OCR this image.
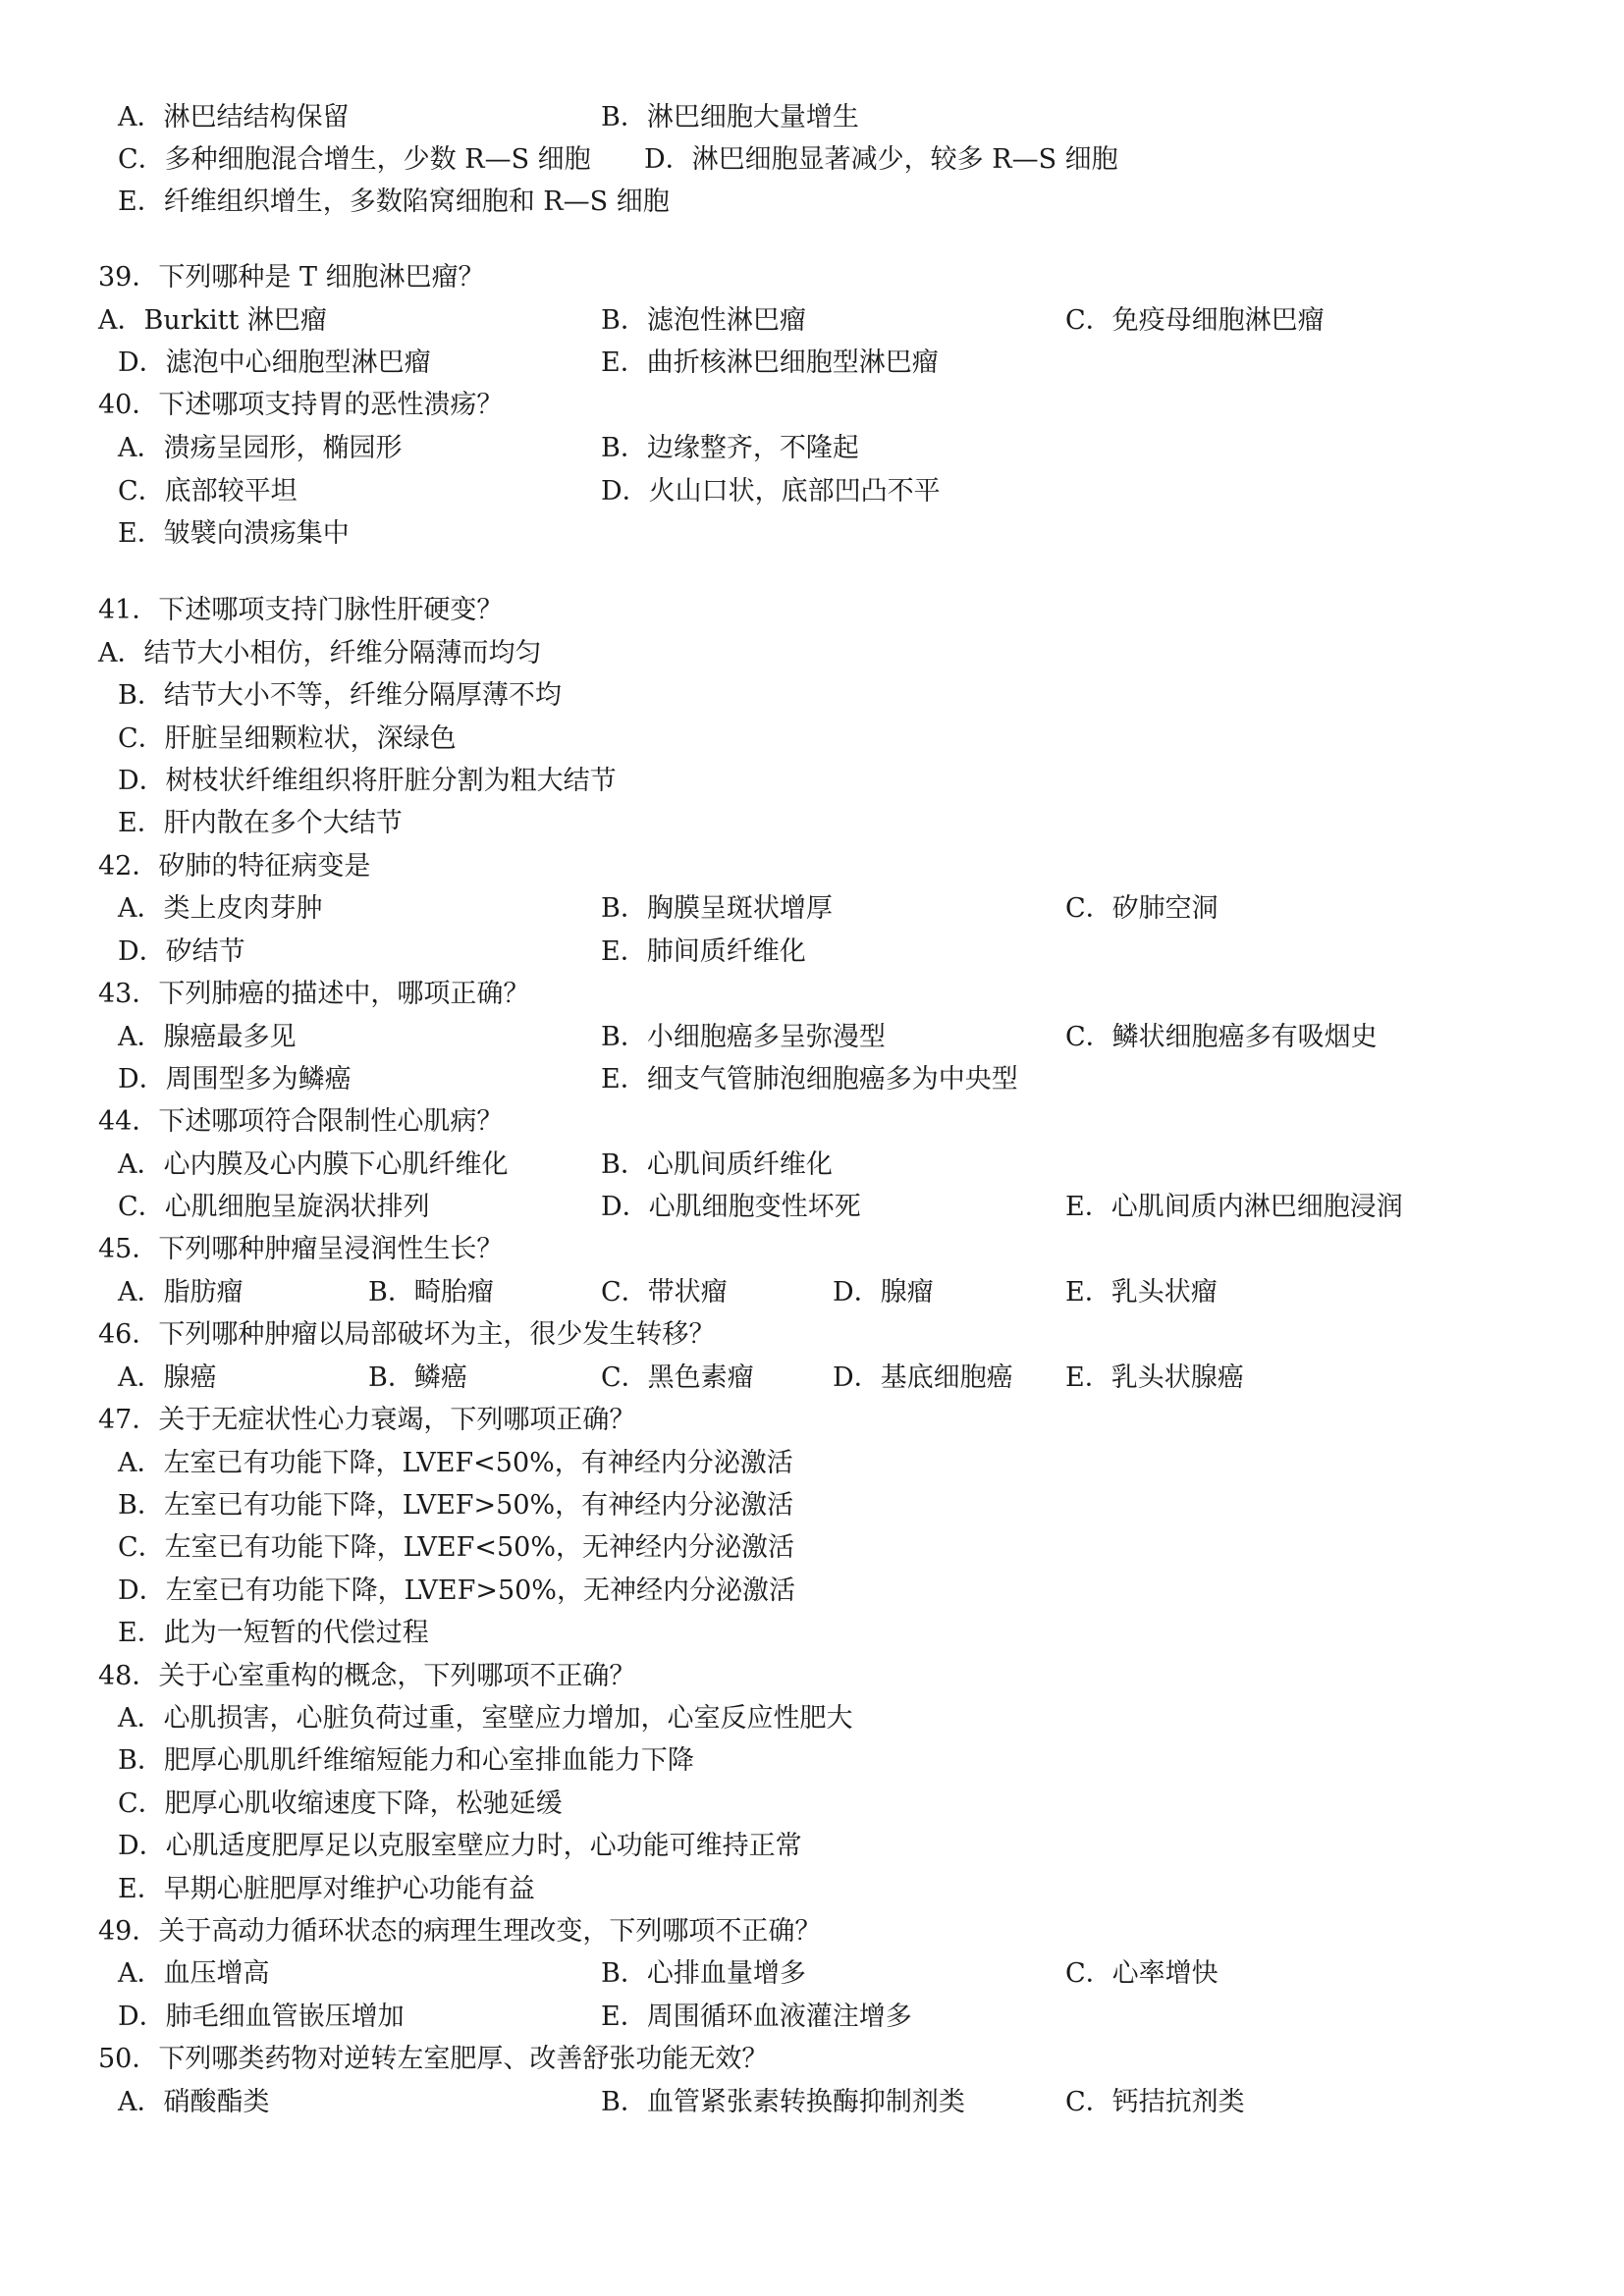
A．淋巴结结构保留	B．淋巴细胞大量增生
C．多种细胞混合增生，少数 R—S 细胞 D．淋巴细胞显著减少，较多 R—S 细胞
E．纤维组织增生，多数陷窝细胞和 R—S 细胞
39．下列哪种是 T 细胞淋巴瘤？
A．Burkitt 淋巴瘤	B．滤泡性淋巴瘤	C．免疫母细胞淋巴瘤
D．滤泡中心细胞型淋巴瘤	E．曲折核淋巴细胞型淋巴瘤
40．下述哪项支持胃的恶性溃疡？
A．溃疡呈园形，椭园形	B．边缘整齐，不隆起
C．底部较平坦	D．火山口状，底部凹凸不平
E．皱襞向溃疡集中
41．下述哪项支持门脉性肝硬变？
A．结节大小相仿，纤维分隔薄而均匀
B．结节大小不等，纤维分隔厚薄不均
C．肝脏呈细颗粒状，深绿色
D．树枝状纤维组织将肝脏分割为粗大结节
E．肝内散在多个大结节
42．矽肺的特征病变是
A．类上皮肉芽肿	B．胸膜呈斑状增厚	C．矽肺空洞
D．矽结节	E．肺间质纤维化
43．下列肺癌的描述中，哪项正确？
A．腺癌最多见	B．小细胞癌多呈弥漫型	C．鳞状细胞癌多有吸烟史
D．周围型多为鳞癌	E．细支气管肺泡细胞癌多为中央型
44．下述哪项符合限制性心肌病？
A．心内膜及心内膜下心肌纤维化	B．心肌间质纤维化
C．心肌细胞呈旋涡状排列	D．心肌细胞变性坏死	E．心肌间质内淋巴细胞浸润
45．下列哪种肿瘤呈浸润性生长？
A．脂肪瘤	B．畸胎瘤	C．带状瘤	D．腺瘤	E．乳头状瘤
46．下列哪种肿瘤以局部破坏为主，很少发生转移？
A．腺癌	B．鳞癌	C．黑色素瘤	D．基底细胞癌 E．乳头状腺癌
47．关于无症状性心力衰竭，下列哪项正确？
A．左室已有功能下降，LVEF<50%，有神经内分泌激活
B．左室已有功能下降，LVEF>50%，有神经内分泌激活
C．左室已有功能下降，LVEF<50%，无神经内分泌激活
D．左室已有功能下降，LVEF>50%，无神经内分泌激活
E．此为一短暂的代偿过程
48．关于心室重构的概念，下列哪项不正确？
A．心肌损害，心脏负荷过重，室壁应力增加，心室反应性肥大
B．肥厚心肌肌纤维缩短能力和心室排血能力下降
C．肥厚心肌收缩速度下降，松驰延缓
D．心肌适度肥厚足以克服室壁应力时，心功能可维持正常
E．早期心脏肥厚对维护心功能有益
49．关于高动力循环状态的病理生理改变，下列哪项不正确？
A．血压增高	B．心排血量增多	C．心率增快
D．肺毛细血管嵌压增加	E．周围循环血液灌注增多
50．下列哪类药物对逆转左室肥厚、改善舒张功能无效？
A．硝酸酯类	B．血管紧张素转换酶抑制剂类	C．钙拮抗剂类
